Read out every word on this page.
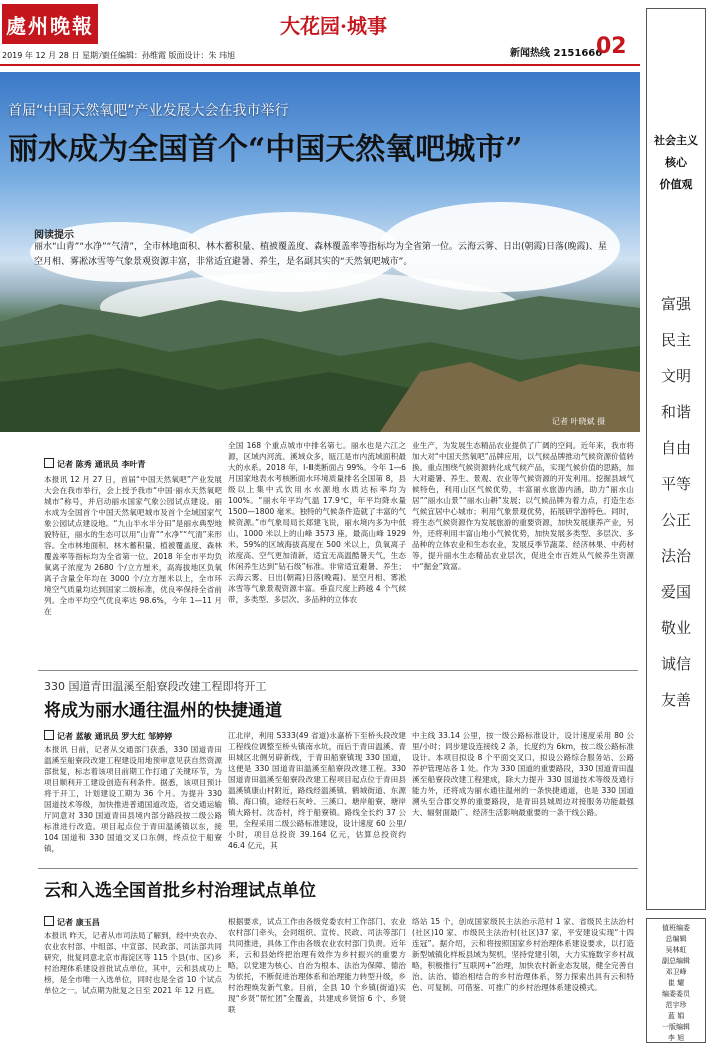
處州晚報
2019 年 12 月 28 日 星期六
责任编辑：孙维霞 版面设计：朱 玮旭
大花园·城事
新闻热线 2151666
02
首届“中国天然氧吧”产业发展大会在我市举行
丽水成为全国首个“中国天然氧吧城市”
阅读提示
丽水“山青”“水净”“气清”，全市林地面积、林木蓄积量、植被覆盖度、森林覆盖率等指标均为全省第一位。云海云雾、日出(朝霞)日落(晚霞)、星空月相、雾凇冰雪等气象景观资源丰富，非常适宜避暑、养生，是名副其实的“天然氧吧城市”。
记者 叶晓斌 摄
记者 陈秀 通讯员 李叶青
本报讯 12 月 27 日，首届“中国天然氧吧”产业发展大会在我市举行，会上授予我市“中国·丽水天然氧吧城市”称号，并启动丽水国家气象公园试点建设。丽水成为全国首个中国天然氧吧城市及首个全域国家气象公园试点建设地。“九山半水半分田”是丽水典型地貌特征，丽水的生态可以用“山青”“水净”“气清”来形容。全市林地面积、林木蓄积量、植被覆盖度、森林覆盖率等指标均为全省第一位。2018 年全市平均负氧离子浓度为 2680 个/立方厘米，高海拔地区负氧离子含量全年均在 3000 个/立方厘米以上，全市环境空气质量均达到国家二级标准，优良率保持全省前列。全市平均空气优良率达 98.6%，今年 1—11 月在
全国 168 个重点城市中排名第七。丽水也是六江之源，区域内河流、溪域众多，瓯江是市内流域面积最大的水系。2018 年，Ⅰ-Ⅲ类断面占 99%。今年 1—6 月国家地表水考核断面水环境质量排名全国第 8，县级以上集中式饮用水水源地水质达标率均为 100%。“丽水年平均气温 17.9℃，年平均降水量 1500—1800 毫米。独特的气候条件造就了丰富的气候资源。”市气象局局长郑建飞说，丽水境内多为中低山，1000 米以上的山峰 3573 座，最高山峰 1929 米，59%的区域海拔高度在 500 米以上，负氧离子浓度高、空气更加清新，适宜无高温酷暑天气，生态休闲养生达到“钻石级”标准。非常适宜避暑、养生；云海云雾、日出(朝霞)日落(晚霞)、星空月相、雾凇冰雪等气象景观资源丰富。垂直尺度上跨越 4 个气候带，多类型、多层次、多品种的立体农
业生产，为发展生态精品农业提供了广阔的空间。近年来，我市将加大对“中国天然氧吧”品牌应用，以气候品牌推动气候资源价值转换。重点围绕气候资源转化成气候产品，实现气候价值的思路，加大对避暑、养生、景观、农业等气候资源的开发利用。挖掘县域气候特色，利用山区气候优势，丰富丽水旅游内涵，助力“丽水山居”“丽水山景”“丽水山耕”发展；以气候品牌为着力点，打造生态气候宜居中心城市；利用气象景观优势，拓展研学游特色。同时，将生态气候资源作为发展旅游的重要资源，加快发展康养产业，另外，还将利用丰富山地小气候优势，加快发展多类型、多层次、多品种的立体农业和生态农业，发展反季节蔬菜、经济林果、中药材等，提升丽水生态精品农业层次，促进全市百姓从气候养生资源中“掘金”致富。
330 国道青田温溪至船寮段改建工程即将开工
将成为丽水通往温州的快捷通道
记者 蓝敏 通讯员 罗大红 邹婷婷
本报讯 日前，记者从交通部门获悉，330 国道青田温溪至船寮段改建工程建设用地预审意见获自然资源部批复，标志着该项目前期工作打通了关键环节，为项目顺利开工建设创造有利条件。据悉，该项目预计将于开工，计划建设工期为 36 个月。为提升 330 国道技术等级，加快推进普通国道改造，省交通运输厅同意对 330 国道青田县境内部分路段按二级公路标准进行改造。项目起点位于青田温溪镇以东，接 104 国道和 330 国道交叉口东侧，终点位于船寮镇，
江北岸，利用 S333(49 省道)永嘉桥下至桥头段改建工程线位调整至桥头镇南水坑，而后于青田温溪、青田城区北侧另辟新线，于青田船寮镇现 330 国道，这便是 330 国道青田温溪至船寮段改建工程。330 国道青田温溪至船寮段改建工程项目起点位于青田县温溪镇康山村附近，路线经温溪镇、鹤城街道、东源镇、海口镇，途经石灰岭、三溪口、塘岸船寮、塘岸镇大路村、沈岙村，终于船寮镇。路线全长约 37 公里，全程采用二级公路标准建设，设计速度 60 公里/小时，项目总投资 39.164 亿元，估算总投资约 46.4 亿元，其
中主线 33.14 公里，按一级公路标准设计，设计速度采用 80 公里/小时；同步建设连接线 2 条，长度约为 6km，按二级公路标准设计。本项目拟设 8 个平面交叉口，拟设公路综合服务站、公路养护管理站各 1 处。作为 330 国道的重要路段，330 国道青田温溪至船寮段改建工程建成，除大力提升 330 国道技术等级及通行能力外，还将成为丽水通往温州的一条快捷通道，也是 330 国道溯头至合郡交界的重要路段，是青田县城周边对接服务功能最强大、辐射面最广、经济生活影响最重要的一条干线公路。
云和入选全国首批乡村治理试点单位
记者 康玉昌
本报讯 昨天，记者从市司法局了解到，经中央农办、农业农村部、中组部、中宣部、民政部、司法部共同研究，批复同意北京市海淀区等 115 个县(市、区)乡村治理体系建设首批试点单位，其中，云和县成功上榜，是全市唯一入选单位，同时也是全省 10 个试点单位之一。试点期为批复之日至 2021 年 12 月底。
根据要求，试点工作由各级党委农村工作部门、农业农村部门牵头，会同组织、宣传、民政、司法等部门共同推进，具体工作由各级农业农村部门负责。近年来，云和县始终把治理有效作为乡村振兴的重要方略，以党建为核心、自治为根本、法治为保障、德治为依托，不断促进治理体系和治理能力转型升级，乡村治理焕发新气象。目前，全县 10 个乡镇(街道)实现“乡贤”帮忙团”全覆盖，共建成乡贤馆 6 个、乡贤联
络站 15 个，创成国家级民主法治示范村 1 家、省级民主法治村(社区)10 家、市级民主法治村(社区)37 家，平安建设实现“十四连冠”。据介绍，云和将按照国家乡村治理体系建设要求，以打造新型城镇化样板县域为契机，坚持党建引领，大力实施数字乡村战略，积极推行“互联网+”治理，加快农村新业态发展，健全完善自治、法治、德治相结合的乡村治理体系，努力探索出具有云和特色、可复制、可借鉴、可推广的乡村治理体系建设模式。
社会主义
核心
价值观
富强
民主
文明
和谐
自由
平等
公正
法治
爱国
敬业
诚信
友善
值班编委
总编辑
吴林虹
副总编辑
邓卫峰
崔 耀
编委委员
范宇珍
蓝 娟
一版编辑
李 旭
